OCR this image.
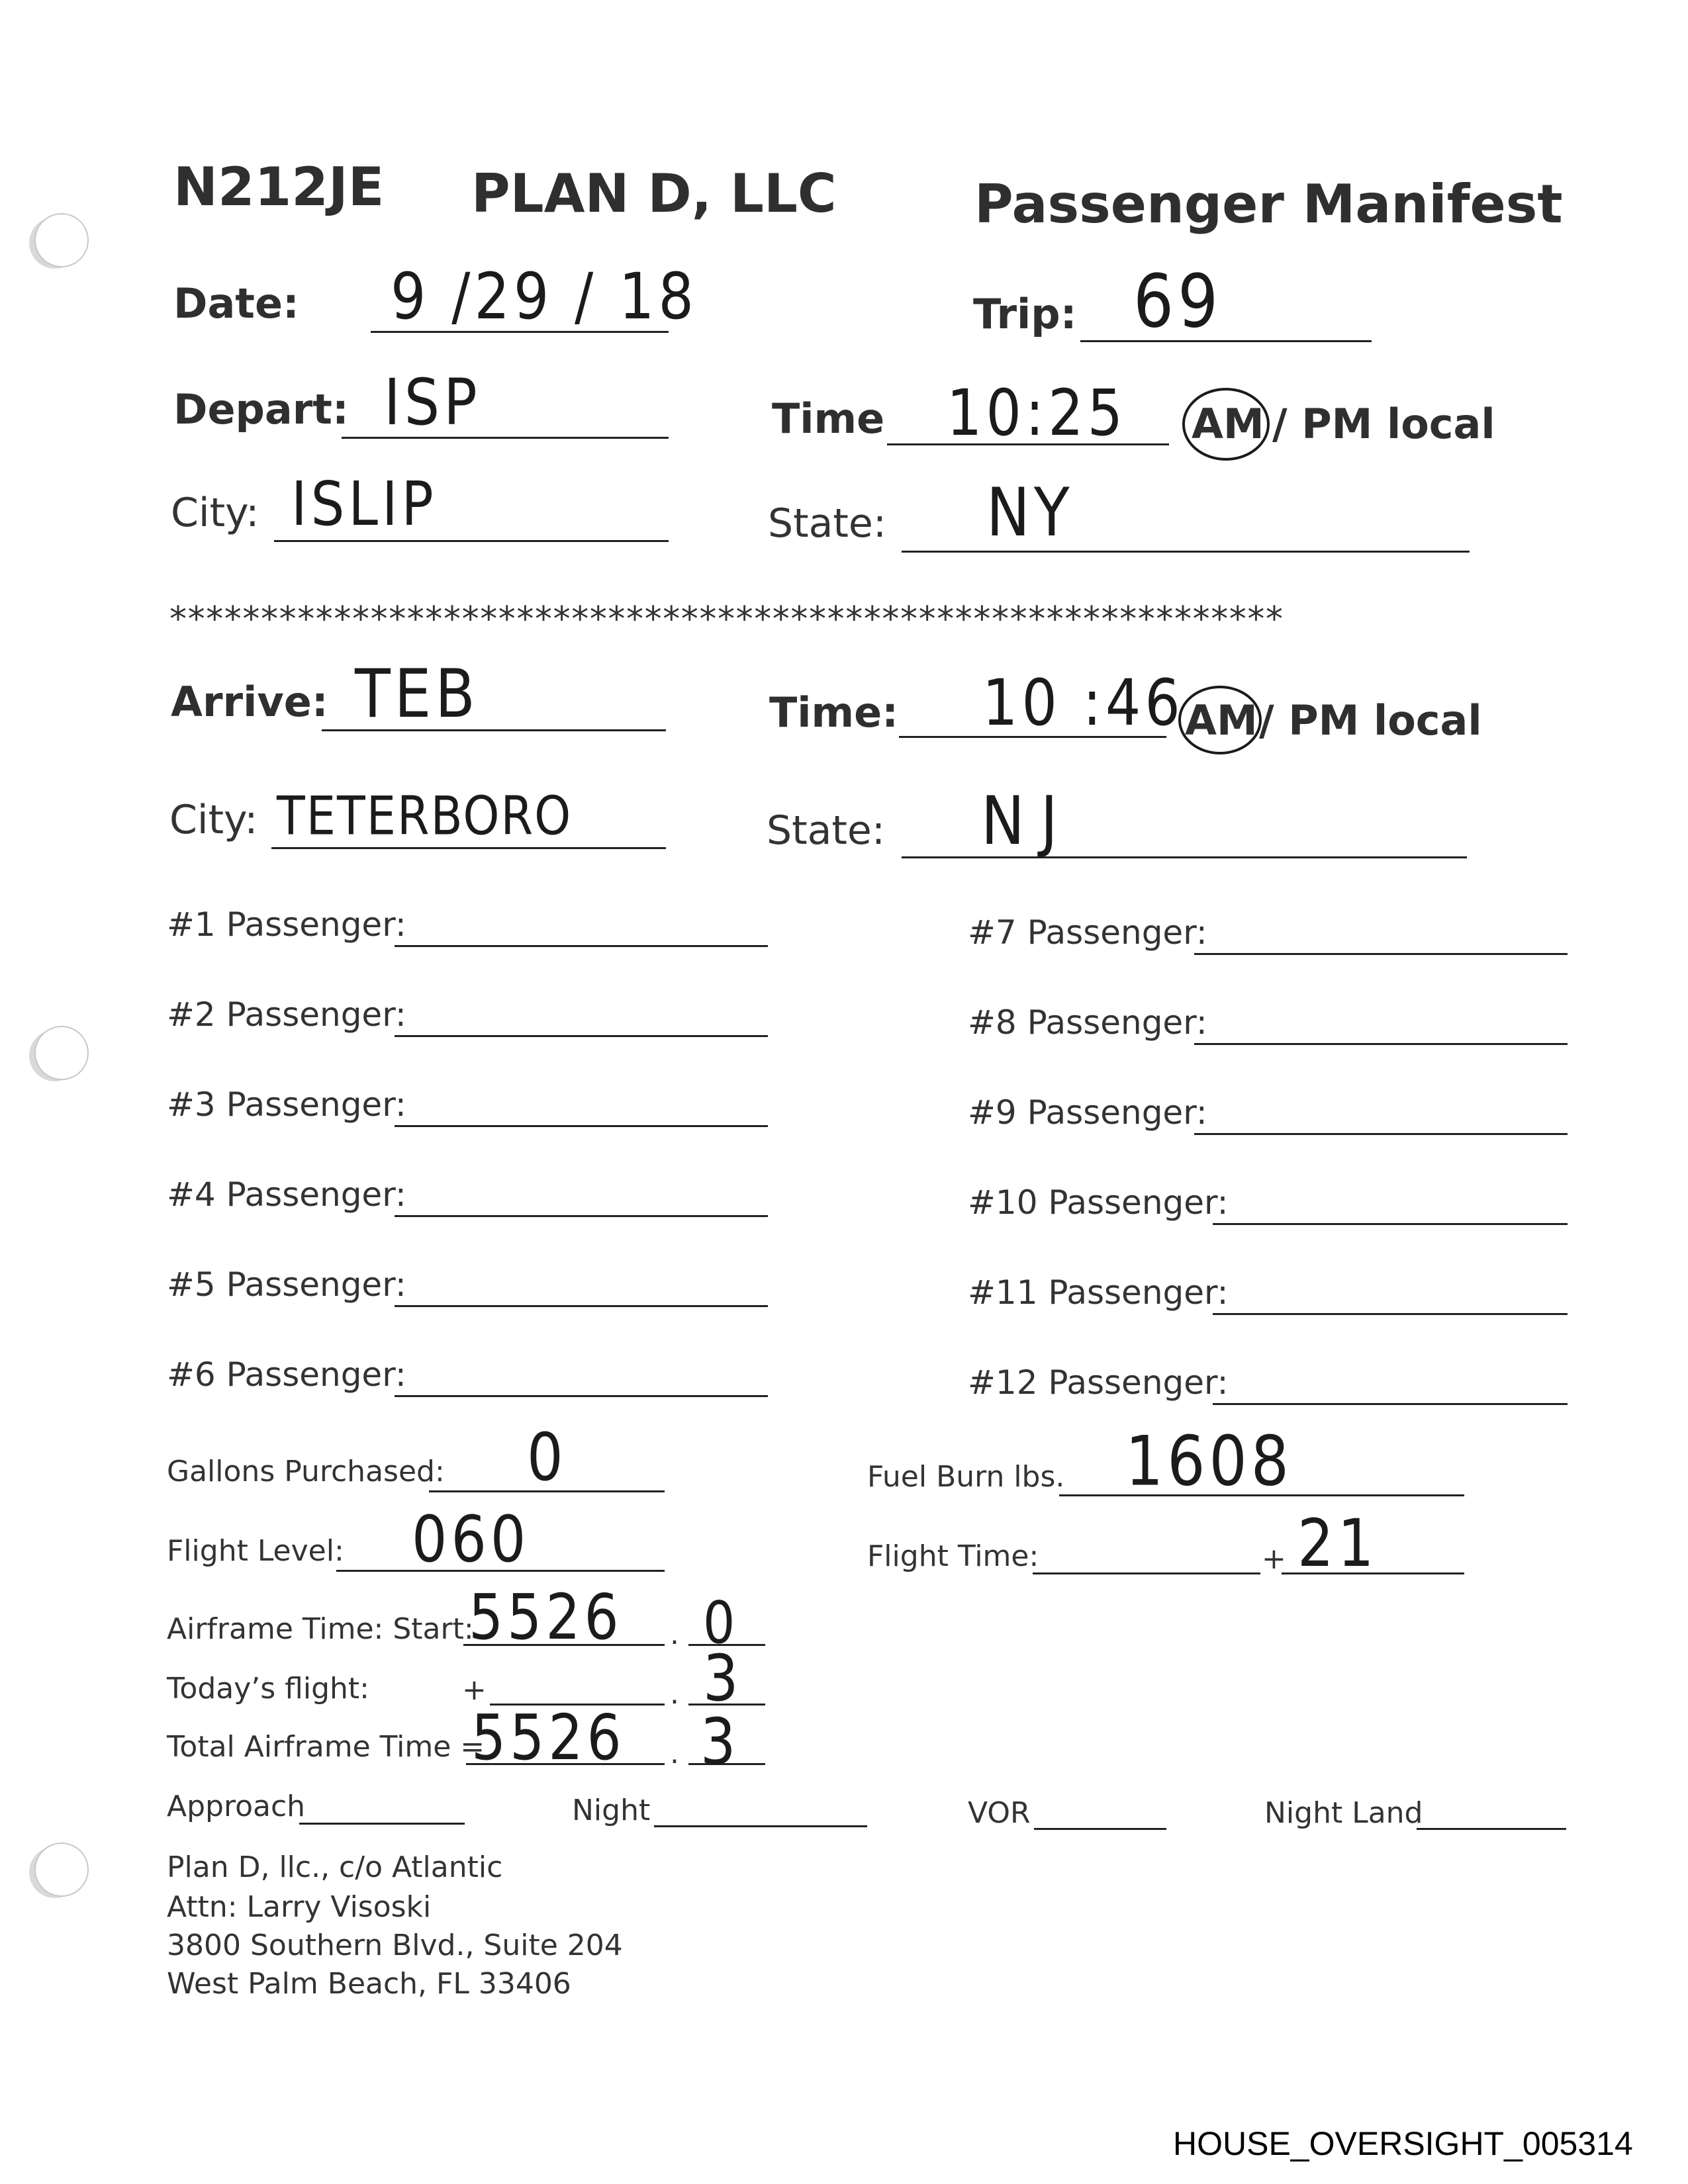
N212JE PLAN D, LLC	Passenger Manifest
Date: 9 /29 / 18	Trip: 69
Depart: ISP	Time 10:25 AM / PM local
City: ISLIP	State: NY
*************************************************************
Arrive: TEB	Time: 10 :46 AM / PM local
City: TETERBORO	State: NJ
#1 Passenger:
#2 Passenger:
#3 Passenger:
#4 Passenger:
#5 Passenger:
#6 Passenger:
#7 Passenger:
#8 Passenger:
#9 Passenger:
#10 Passenger:
#11 Passenger:
#12 Passenger:
Gallons Purchased: 0	Fuel Burn lbs. 1608
Flight Level: 060	Flight Time:	+ 21
Airframe Time: Start:
5526 . 0
Today’s flight:	+	. 3
Total Airframe Time =
5526 . 3
Approach	Night	VOR	Night Land
Plan D, llc., c/o Atlantic
Attn: Larry Visoski
3800 Southern Blvd., Suite 204
West Palm Beach, FL 33406
HOUSE_OVERSIGHT_005314
